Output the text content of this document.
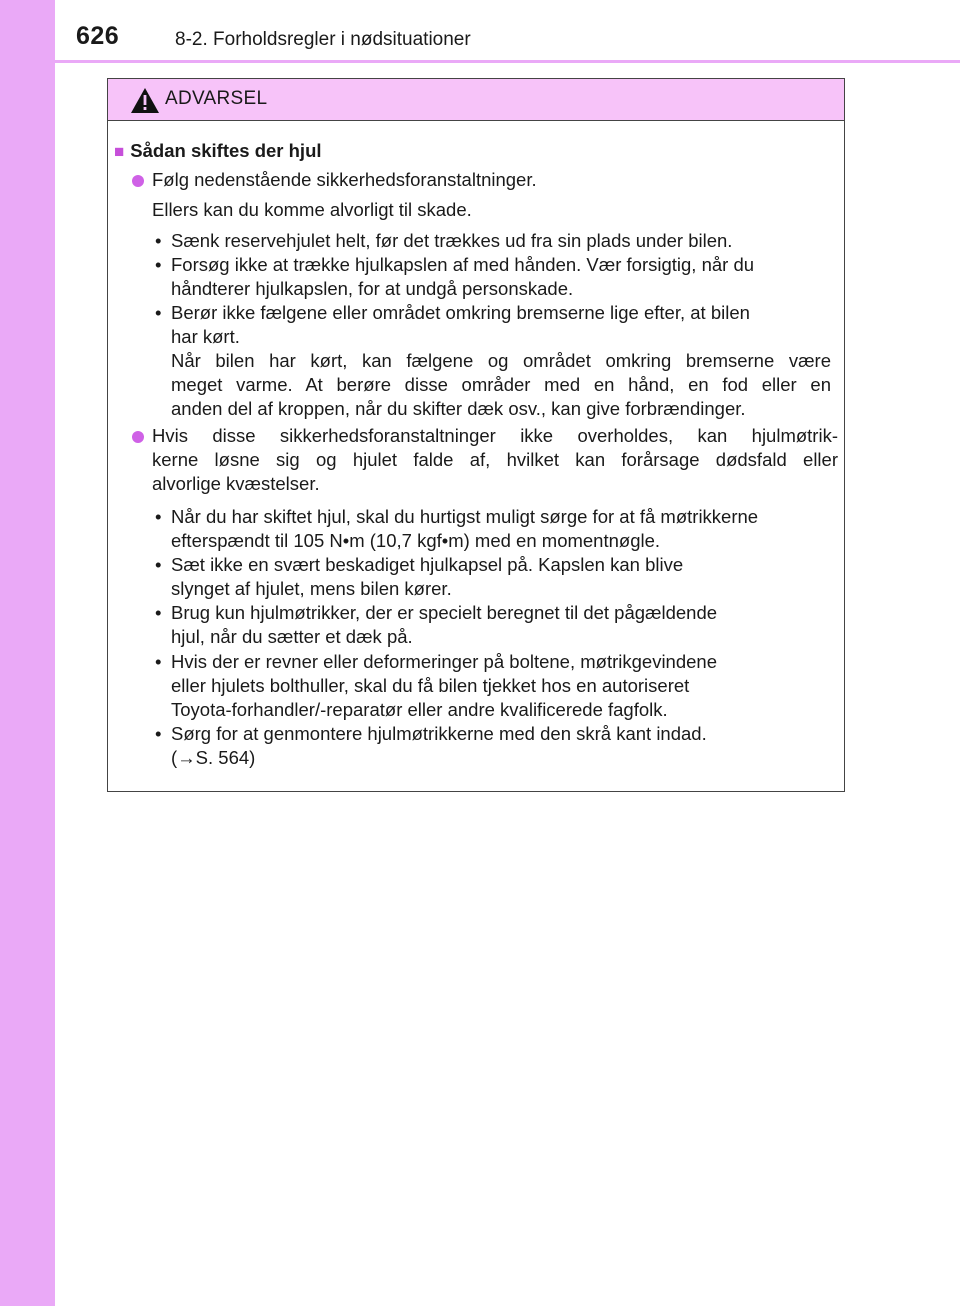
626	8-2. Forholdsregler i nødsituationer
ADVARSEL
■ Sådan skiftes der hjul
Følg nedenstående sikkerhedsforanstaltninger.
Ellers kan du komme alvorligt til skade.
• Sænk reservehjulet helt, før det trækkes ud fra sin plads under bilen.
• Forsøg ikke at trække hjulkapslen af med hånden. Vær forsigtig, når du
håndterer hjulkapslen, for at undgå personskade.
• Berør ikke fælgene eller området omkring bremserne lige efter, at bilen
har kørt.
Når bilen har kørt, kan fælgene og området omkring bremserne være
meget varme. At berøre disse områder med en hånd, en fod eller en
anden del af kroppen, når du skifter dæk osv., kan give forbrændinger.
Hvis disse sikkerhedsforanstaltninger ikke overholdes, kan hjulmøtrik-
kerne løsne sig og hjulet falde af, hvilket kan forårsage dødsfald eller
alvorlige kvæstelser.
• Når du har skiftet hjul, skal du hurtigst muligt sørge for at få møtrikkerne
efterspændt til 105 N•m (10,7 kgf•m) med en momentnøgle.
• Sæt ikke en svært beskadiget hjulkapsel på. Kapslen kan blive
slynget af hjulet, mens bilen kører.
• Brug kun hjulmøtrikker, der er specielt beregnet til det pågældende
hjul, når du sætter et dæk på.
• Hvis der er revner eller deformeringer på boltene, møtrikgevindene
eller hjulets bolthuller, skal du få bilen tjekket hos en autoriseret
Toyota-forhandler/-reparatør eller andre kvalificerede fagfolk.
• Sørg for at genmontere hjulmøtrikkerne med den skrå kant indad.
(→S. 564)
